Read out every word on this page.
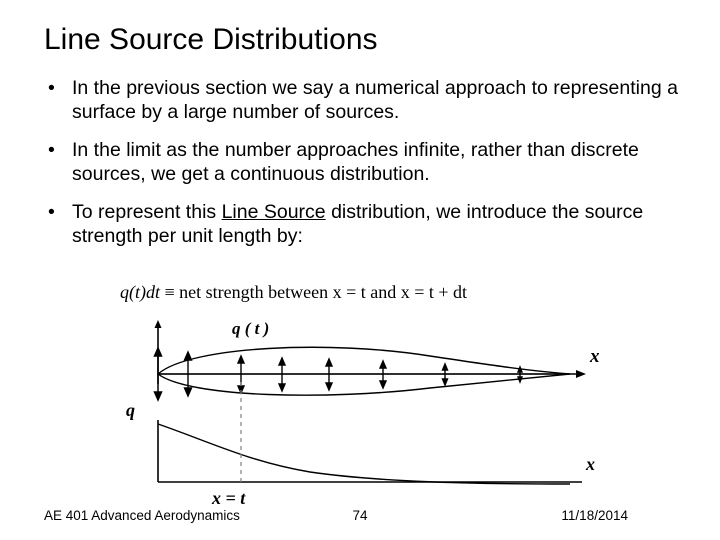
Line Source Distributions
• In the previous section we say a numerical approach to representing a surface by a large number of sources.
• In the limit as the number approaches infinite, rather than discrete sources, we get a continuous distribution.
• To represent this Line Source distribution, we introduce the source strength per unit length by:
q(t)dt ≡ net strength between x = t and x = t + dt
q ( t )
x
q
x
x = t
AE 401 Advanced Aerodynamics	74	11/18/2014
